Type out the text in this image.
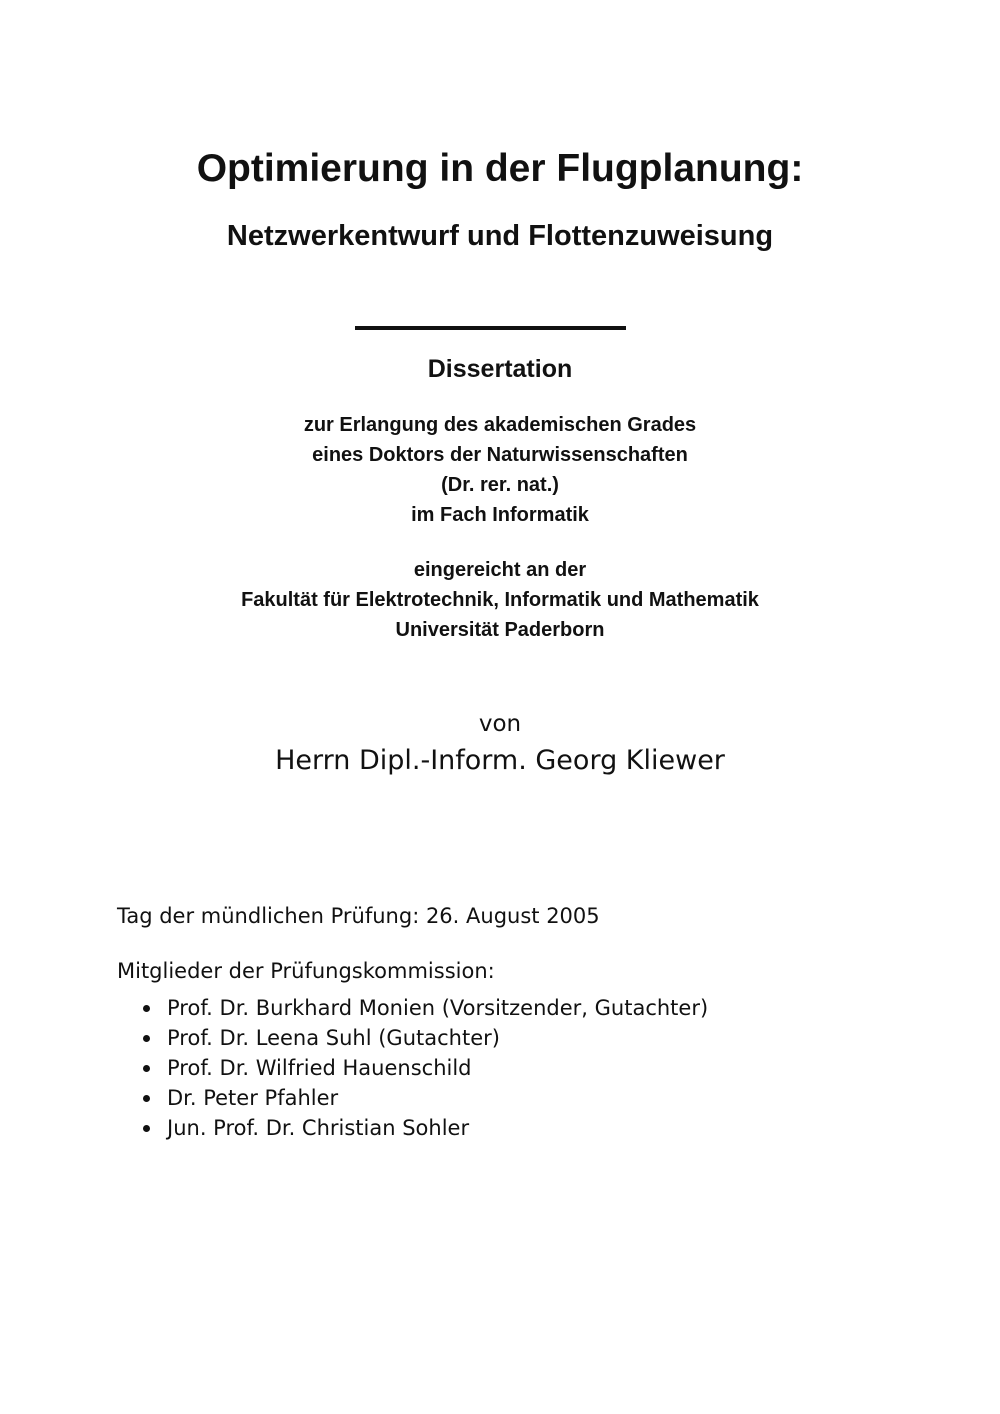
Optimierung in der Flugplanung:
Netzwerkentwurf und Flottenzuweisung
Dissertation
zur Erlangung des akademischen Grades
eines Doktors der Naturwissenschaften
(Dr. rer. nat.)
im Fach Informatik
eingereicht an der
Fakultät für Elektrotechnik, Informatik und Mathematik
Universität Paderborn
von
Herrn Dipl.-Inform. Georg Kliewer
Tag der mündlichen Prüfung: 26. August 2005
Mitglieder der Prüfungskommission:
Prof. Dr. Burkhard Monien (Vorsitzender, Gutachter)
Prof. Dr. Leena Suhl (Gutachter)
Prof. Dr. Wilfried Hauenschild
Dr. Peter Pfahler
Jun. Prof. Dr. Christian Sohler
